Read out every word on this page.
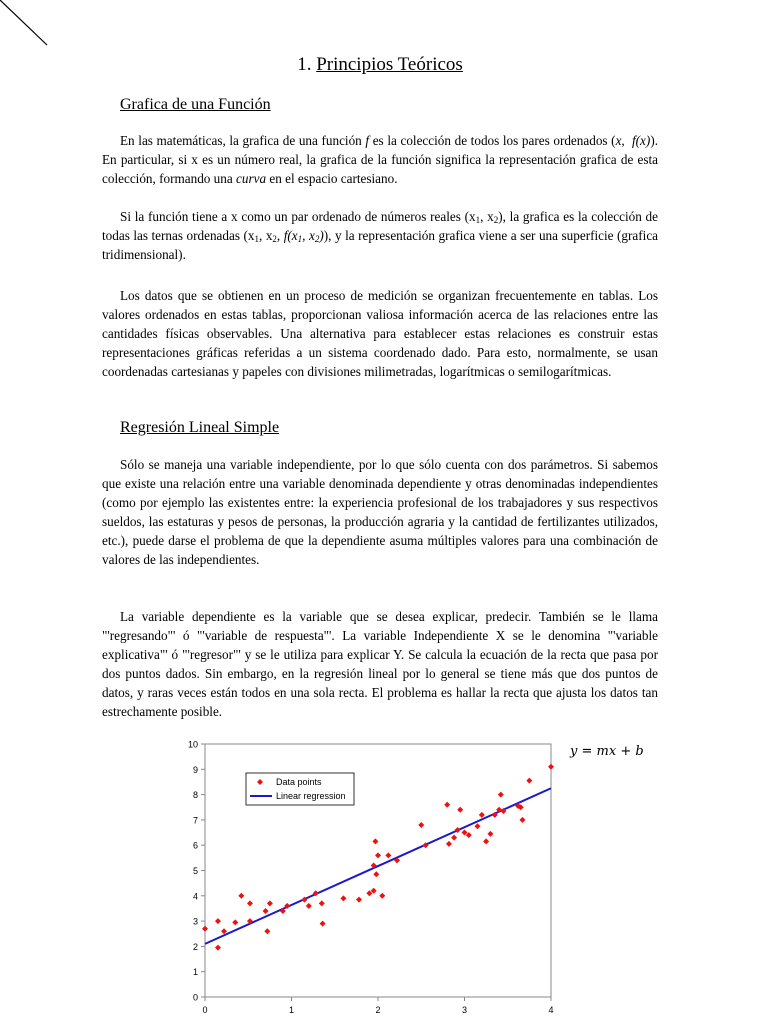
1. Principios Teóricos
Grafica de una Función

En las matemáticas, la grafica de una función f es la colección de todos los pares ordenados (x, f(x)). En particular, si x es un número real, la grafica de la función significa la representación grafica de esta colección, formando una curva en el espacio cartesiano.

Si la función tiene a x como un par ordenado de números reales ($x_1$, $x_2$), la grafica es la colección de todas las ternas ordenadas ($x_1$, $x_2$, $f(x_1$, $x_2$)), y la representación grafica viene a ser una superficie (grafica tridimensional).

Los datos que se obtienen en un proceso de medición se organizan frecuentemente en tablas. Los valores ordenados en estas tablas, proporcionan valiosa información acerca de las relaciones entre las cantidades físicas observables. Una alternativa para establecer estas relaciones es construir estas representaciones gráficas referidas a un sistema coordenado dado. Para esto, normalmente, se usan coordenadas cartesianas y papeles con divisiones milimetradas, logarítmicas o semilogarítmicas.

Regresión Lineal Simple

Sólo se maneja una variable independiente, por lo que sólo cuenta con dos parámetros. Si sabemos que existe una relación entre una variable denominada dependiente y otras denominadas independientes (como por ejemplo las existentes entre: la experiencia profesional de los trabajadores y sus respectivos sueldos, las estaturas y pesos de personas, la producción agraria y la cantidad de fertilizantes utilizados, etc.), puede darse el problema de que la dependiente asuma múltiples valores para una combinación de valores de las independientes.

La variable dependiente es la variable que se desea explicar, predecir. También se le llama "'regresando"' ó "'variable de respuesta"'. La variable Independiente X se le denomina "'variable explicativa"' ó "'regresor"' y se le utiliza para explicar Y. Se calcula la ecuación de la recta que pasa por dos puntos dados. Sin embargo, en la regresión lineal por lo general se tiene más que dos puntos de datos, y raras veces están todos en una sola recta. El problema es hallar la recta que ajusta los datos tan estrechamente posible.

0
1
2
3
4
5
6
7
8
9
10
0	1	2	3	4
Data points
Linear regression
y = mx + b
